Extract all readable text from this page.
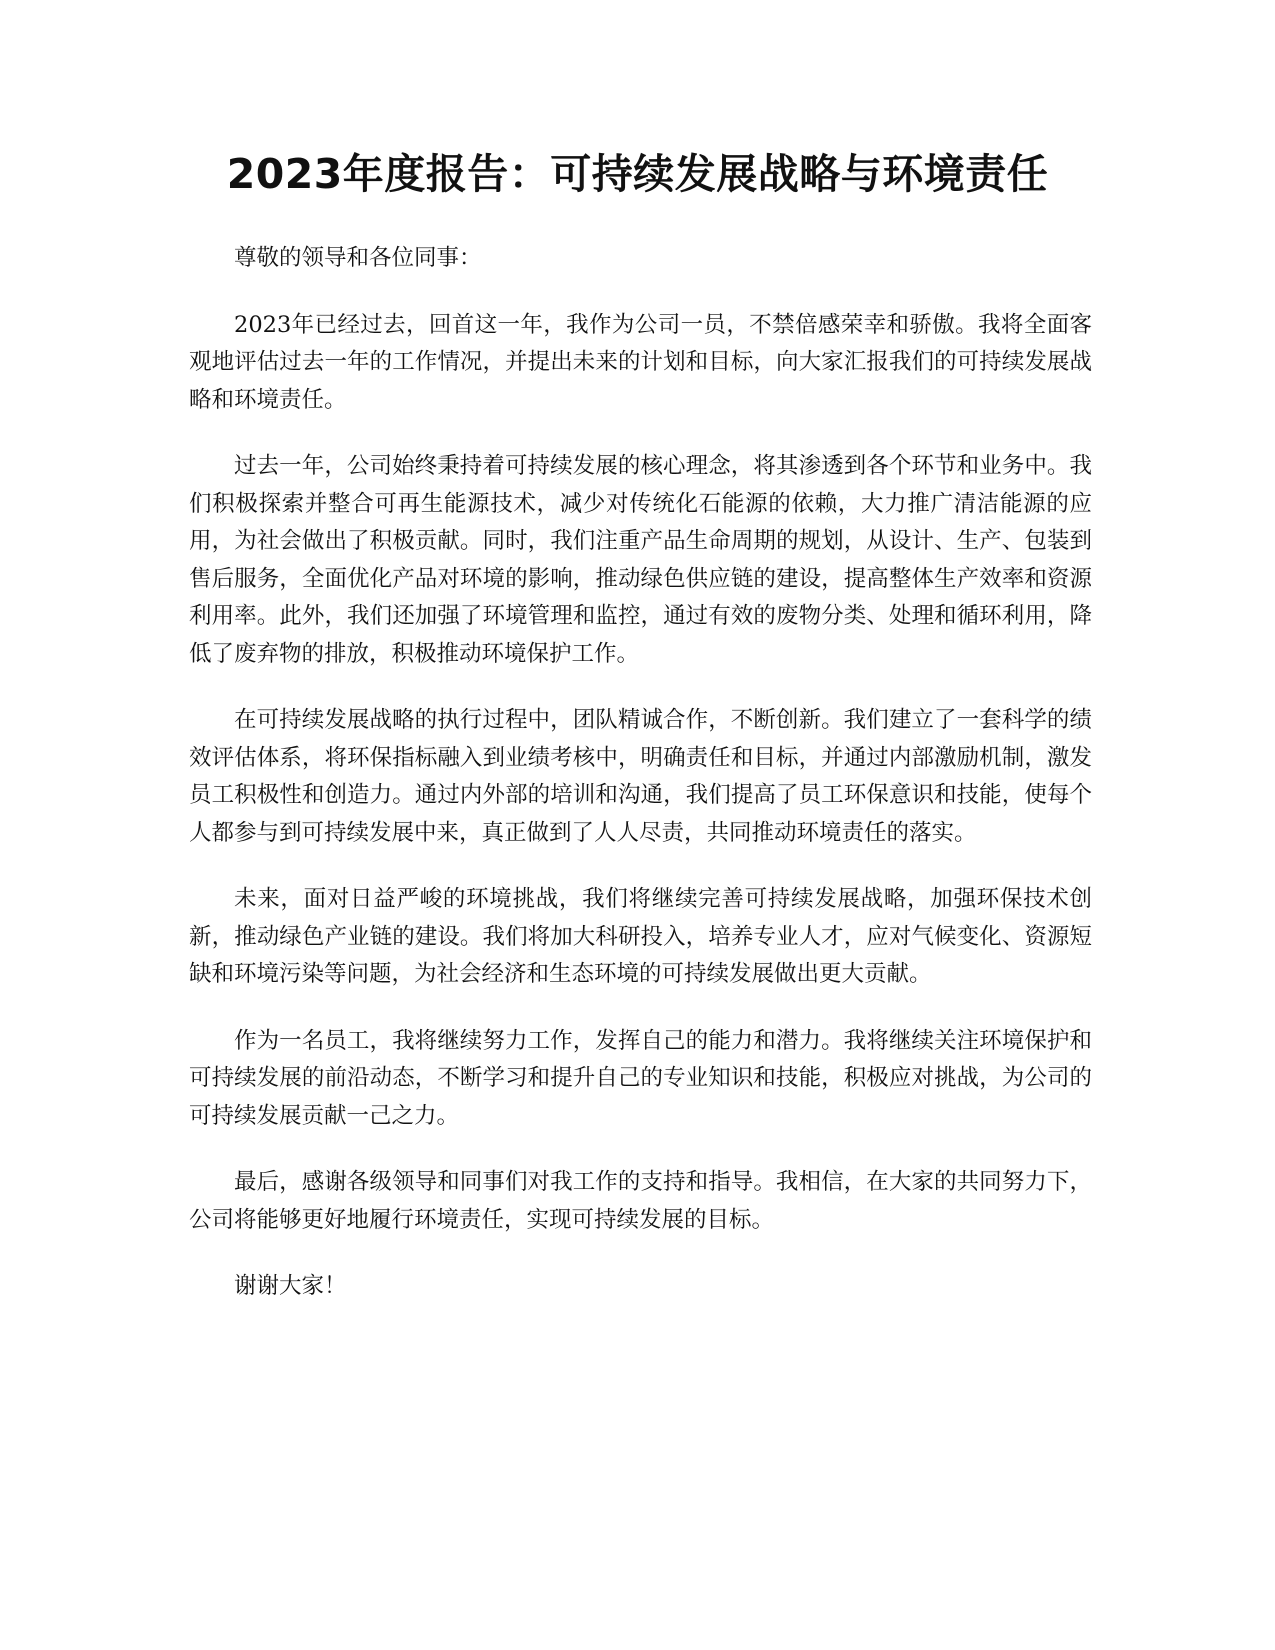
2023年度报告：可持续发展战略与环境责任

尊敬的领导和各位同事：

2023年已经过去，回首这一年，我作为公司一员，不禁倍感荣幸和骄傲。我将全面客观地评估过去一年的工作情况，并提出未来的计划和目标，向大家汇报我们的可持续发展战略和环境责任。

过去一年，公司始终秉持着可持续发展的核心理念，将其渗透到各个环节和业务中。我们积极探索并整合可再生能源技术，减少对传统化石能源的依赖，大力推广清洁能源的应用，为社会做出了积极贡献。同时，我们注重产品生命周期的规划，从设计、生产、包装到售后服务，全面优化产品对环境的影响，推动绿色供应链的建设，提高整体生产效率和资源利用率。此外，我们还加强了环境管理和监控，通过有效的废物分类、处理和循环利用，降低了废弃物的排放，积极推动环境保护工作。

在可持续发展战略的执行过程中，团队精诚合作，不断创新。我们建立了一套科学的绩效评估体系，将环保指标融入到业绩考核中，明确责任和目标，并通过内部激励机制，激发员工积极性和创造力。通过内外部的培训和沟通，我们提高了员工环保意识和技能，使每个人都参与到可持续发展中来，真正做到了人人尽责，共同推动环境责任的落实。

未来，面对日益严峻的环境挑战，我们将继续完善可持续发展战略，加强环保技术创新，推动绿色产业链的建设。我们将加大科研投入，培养专业人才，应对气候变化、资源短缺和环境污染等问题，为社会经济和生态环境的可持续发展做出更大贡献。

作为一名员工，我将继续努力工作，发挥自己的能力和潜力。我将继续关注环境保护和可持续发展的前沿动态，不断学习和提升自己的专业知识和技能，积极应对挑战，为公司的可持续发展贡献一己之力。

最后，感谢各级领导和同事们对我工作的支持和指导。我相信，在大家的共同努力下，公司将能够更好地履行环境责任，实现可持续发展的目标。

谢谢大家！
